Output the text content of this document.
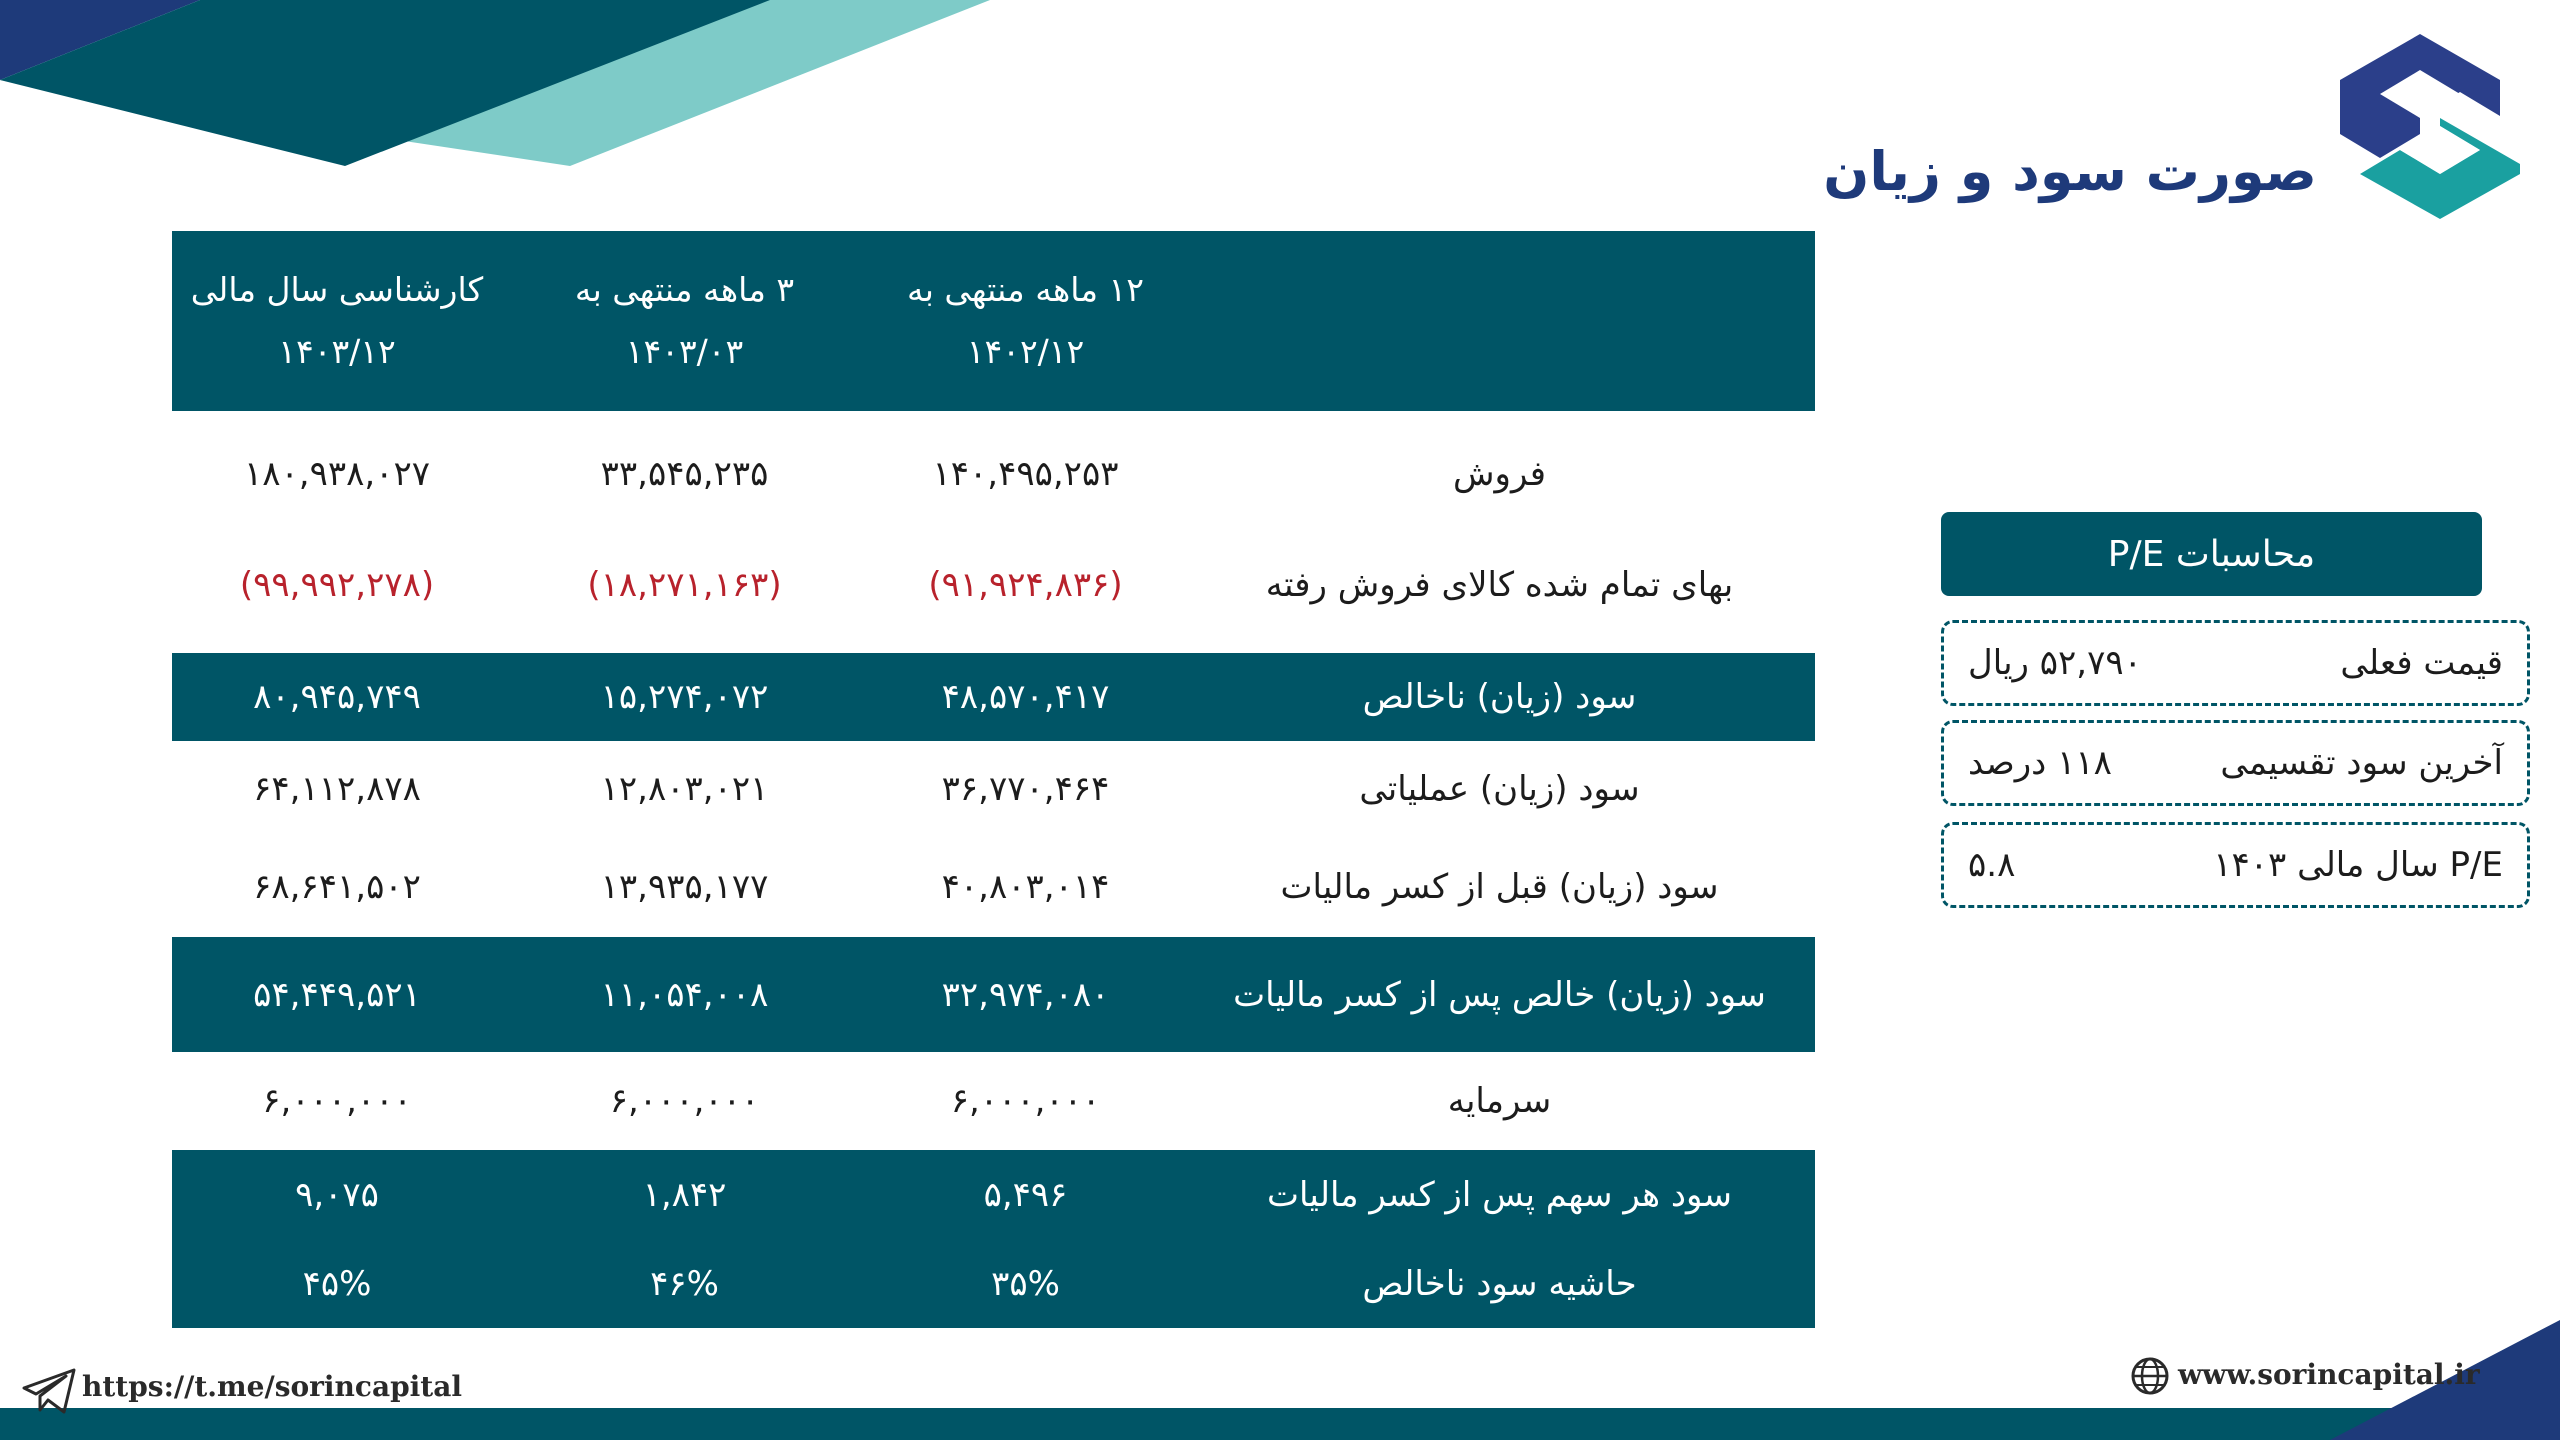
صورت سود و زیان
۱۲ ماهه منتهی به
۱۴۰۲/۱۲
۳ ماهه منتهی به
۱۴۰۳/۰۳
کارشناسی سال مالی
۱۴۰۳/۱۲
فروش
۱۴۰,۴۹۵,۲۵۳
۳۳,۵۴۵,۲۳۵
۱۸۰,۹۳۸,۰۲۷
بهای تمام شده کالای فروش رفته
(۹۱,۹۲۴,۸۳۶)
(۱۸,۲۷۱,۱۶۳)
(۹۹,۹۹۲,۲۷۸)
سود (زیان) ناخالص
۴۸,۵۷۰,۴۱۷
۱۵,۲۷۴,۰۷۲
۸۰,۹۴۵,۷۴۹
سود (زیان) عملیاتی
۳۶,۷۷۰,۴۶۴
۱۲,۸۰۳,۰۲۱
۶۴,۱۱۲,۸۷۸
سود (زیان) قبل از کسر مالیات
۴۰,۸۰۳,۰۱۴
۱۳,۹۳۵,۱۷۷
۶۸,۶۴۱,۵۰۲
سود (زیان) خالص پس از کسر مالیات
۳۲,۹۷۴,۰۸۰
۱۱,۰۵۴,۰۰۸
۵۴,۴۴۹,۵۲۱
سرمایه
۶,۰۰۰,۰۰۰
۶,۰۰۰,۰۰۰
۶,۰۰۰,۰۰۰
سود هر سهم پس از کسر مالیات
۵,۴۹۶
۱,۸۴۲
۹,۰۷۵
حاشیه سود ناخالص
۳۵%
۴۶%
۴۵%
محاسبات P/E
قیمت فعلی
۵۲,۷۹۰ ریال
آخرین سود تقسیمی
۱۱۸ درصد
P/E سال مالی ۱۴۰۳
۵.۸
https://t.me/sorincapital	www.sorincapital.ir
